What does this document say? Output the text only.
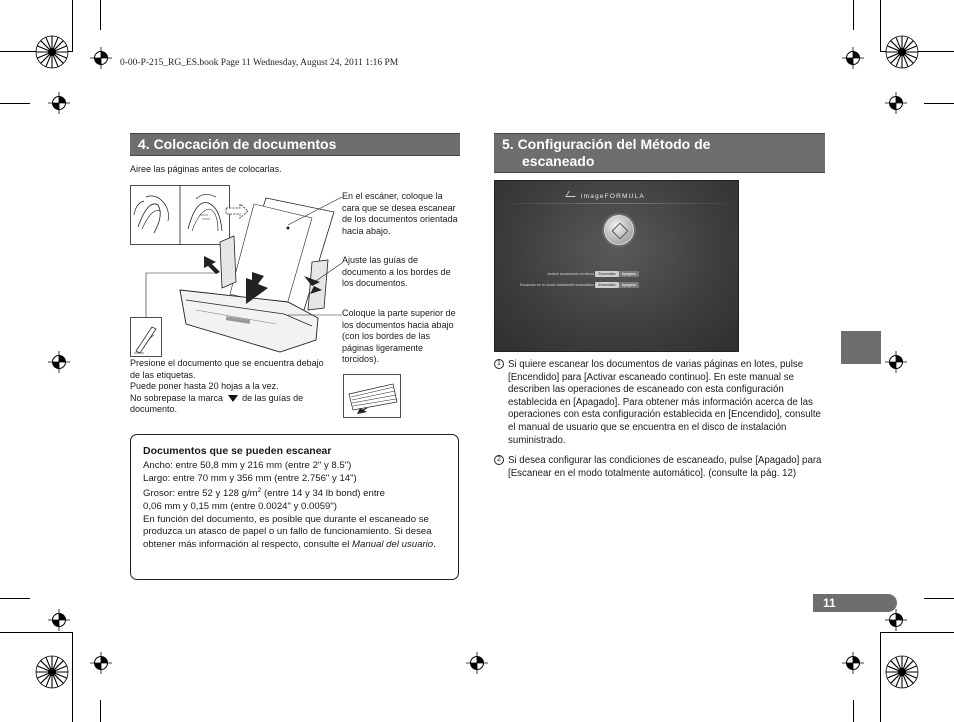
0-00-P-215_RG_ES.book Page 11 Wednesday, August 24, 2011 1:16 PM
4. Colocación de documentos
Airee las páginas antes de colocarlas.
En el escáner, coloque la cara que se desea escanear de los documentos orientada hacia abajo.
Ajuste las guías de documento a los bordes de los documentos.
Coloque la parte superior de los documentos hacia abajo (con los bordes de las páginas ligeramente torcidos).
Presione el documento que se encuentra debajo de las etiquetas.
Puede poner hasta 20 hojas a la vez.
No sobrepase la marca de las guías de documento.
Documentos que se pueden escanear

Ancho: entre 50,8 mm y 216 mm (entre 2" y 8.5")

Largo: entre 70 mm y 356 mm (entre 2.756" y 14")

Grosor: entre 52 y 128 $g/m^2$ (entre 14 y 34 lb bond) entre

0,06 mm y 0,15 mm (entre 0.0024" y 0.0059")

En función del documento, es posible que durante el escaneado se produzca un atasco de papel o un fallo de funcionamiento. Si desea obtener más información al respecto, consulte el Manual del usuario.

5. Configuración del Método de
escaneado
imageFORMULA
Activar escaneado continuo	Encendido	Apagado
Escanear en el modo totalmente automático	Encendido	Apagado
1 Si quiere escanear los documentos de varias páginas en lotes, pulse [Encendido] para [Activar escaneado continuo]. En este manual se describen las operaciones de escaneado con esta configuración establecida en [Apagado]. Para obtener más información acerca de las operaciones con esta configuración establecida en [Encendido], consulte el manual de usuario que se encuentra en el disco de instalación suministrado.
2 Si desea configurar las condiciones de escaneado, pulse [Apagado] para [Escanear en el modo totalmente automático]. (consulte la pág. 12)
11
